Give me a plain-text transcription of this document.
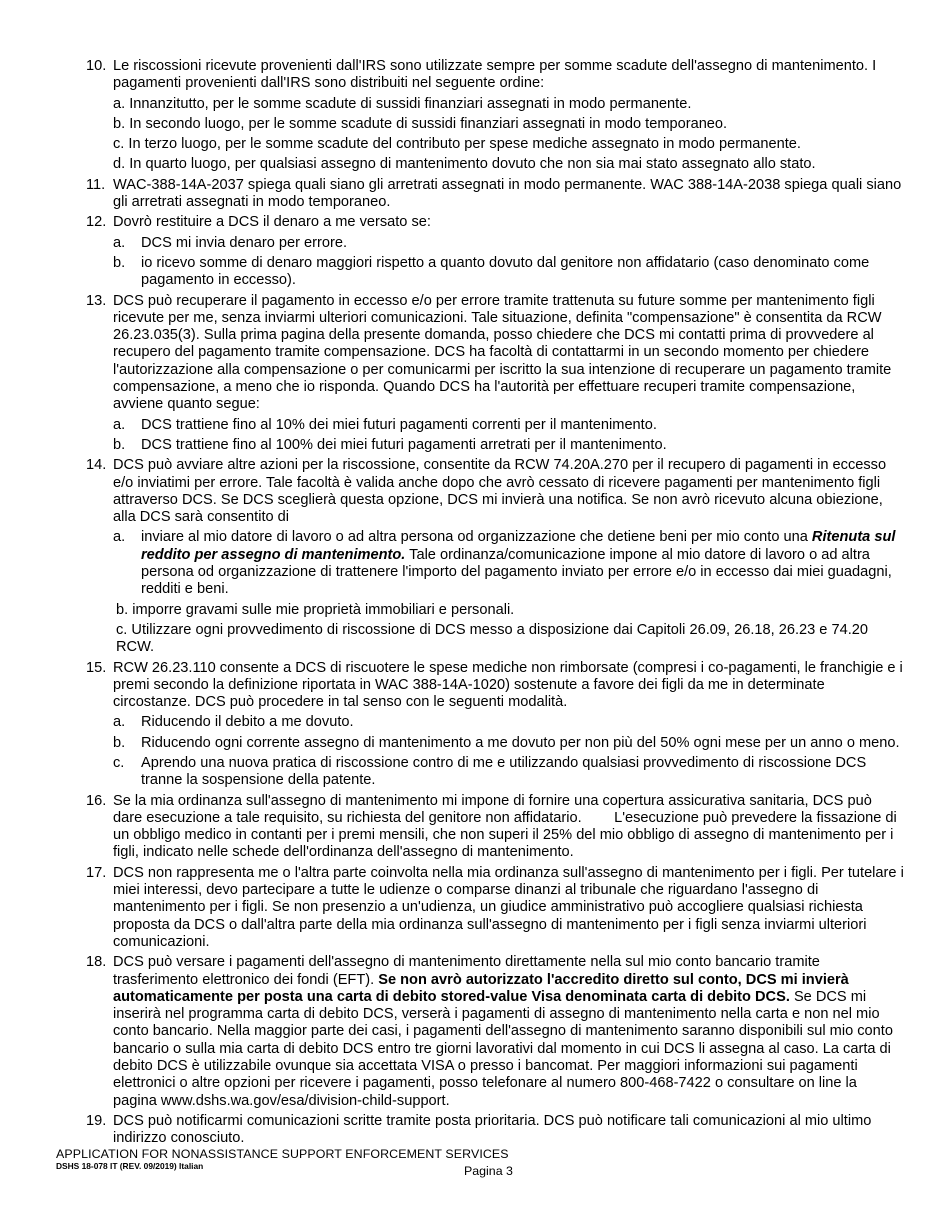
10. Le riscossioni ricevute provenienti dall'IRS sono utilizzate sempre per somme scadute dell'assegno di mantenimento. I pagamenti provenienti dall'IRS sono distribuiti nel seguente ordine:
a. Innanzitutto, per le somme scadute di sussidi finanziari assegnati in modo permanente.
b. In secondo luogo, per le somme scadute di sussidi finanziari assegnati in modo temporaneo.
c. In terzo luogo, per le somme scadute del contributo per spese mediche assegnato in modo permanente.
d. In quarto luogo, per qualsiasi assegno di mantenimento dovuto che non sia mai stato assegnato allo stato.
11. WAC-388-14A-2037 spiega quali siano gli arretrati assegnati in modo permanente. WAC 388-14A-2038 spiega quali siano gli arretrati assegnati in modo temporaneo.
12. Dovrò restituire a DCS il denaro a me versato se:
a. DCS mi invia denaro per errore.
b. io ricevo somme di denaro maggiori rispetto a quanto dovuto dal genitore non affidatario (caso denominato come pagamento in eccesso).
13. DCS può recuperare il pagamento in eccesso e/o per errore tramite trattenuta su future somme per mantenimento figli ricevute per me, senza inviarmi ulteriori comunicazioni. Tale situazione, definita "compensazione" è consentita da RCW 26.23.035(3). Sulla prima pagina della presente domanda, posso chiedere che DCS mi contatti prima di provvedere al recupero del pagamento tramite compensazione. DCS ha facoltà di contattarmi in un secondo momento per chiedere l'autorizzazione alla compensazione o per comunicarmi per iscritto la sua intenzione di recuperare un pagamento tramite compensazione, a meno che io risponda. Quando DCS ha l'autorità per effettuare recuperi tramite compensazione, avviene quanto segue:
a. DCS trattiene fino al 10% dei miei futuri pagamenti correnti per il mantenimento.
b. DCS trattiene fino al 100% dei miei futuri pagamenti arretrati per il mantenimento.
14. DCS può avviare altre azioni per la riscossione, consentite da RCW 74.20A.270 per il recupero di pagamenti in eccesso e/o inviatimi per errore. Tale facoltà è valida anche dopo che avrò cessato di ricevere pagamenti per mantenimento figli attraverso DCS. Se DCS sceglierà questa opzione, DCS mi invierà una notifica. Se non avrò ricevuto alcuna obiezione, alla DCS sarà consentito di
a. inviare al mio datore di lavoro o ad altra persona od organizzazione che detiene beni per mio conto una Ritenuta sul reddito per assegno di mantenimento. Tale ordinanza/comunicazione impone al mio datore di lavoro o ad altra persona od organizzazione di trattenere l'importo del pagamento inviato per errore e/o in eccesso dai miei guadagni, redditi e beni.
b. imporre gravami sulle mie proprietà immobiliari e personali.
c. Utilizzare ogni provvedimento di riscossione di DCS messo a disposizione dai Capitoli 26.09, 26.18, 26.23 e 74.20 RCW.
15. RCW 26.23.110 consente a DCS di riscuotere le spese mediche non rimborsate (compresi i co-pagamenti, le franchigie e i premi secondo la definizione riportata in WAC 388-14A-1020) sostenute a favore dei figli da me in determinate circostanze. DCS può procedere in tal senso con le seguenti modalità.
a. Riducendo il debito a me dovuto.
b. Riducendo ogni corrente assegno di mantenimento a me dovuto per non più del 50% ogni mese per un anno o meno.
c. Aprendo una nuova pratica di riscossione contro di me e utilizzando qualsiasi provvedimento di riscossione DCS tranne la sospensione della patente.
16. Se la mia ordinanza sull'assegno di mantenimento mi impone di fornire una copertura assicurativa sanitaria, DCS può dare esecuzione a tale requisito, su richiesta del genitore non affidatario.        L'esecuzione può prevedere la fissazione di un obbligo medico in contanti per i premi mensili, che non superi il 25% del mio obbligo di assegno di mantenimento per i figli, indicato nelle schede dell'ordinanza dell'assegno di mantenimento.
17. DCS non rappresenta me o l'altra parte coinvolta nella mia ordinanza sull'assegno di mantenimento per i figli. Per tutelare i miei interessi, devo partecipare a tutte le udienze o comparse dinanzi al tribunale che riguardano l'assegno di mantenimento per i figli. Se non presenzio a un'udienza, un giudice amministrativo può accogliere qualsiasi richiesta proposta da DCS o dall'altra parte della mia ordinanza sull'assegno di mantenimento per i figli senza inviarmi ulteriori comunicazioni.
18. DCS può versare i pagamenti dell'assegno di mantenimento direttamente nella sul mio conto bancario tramite trasferimento elettronico dei fondi (EFT). Se non avrò autorizzato l'accredito diretto sul conto, DCS mi invierà automaticamente per posta una carta di debito stored-value Visa denominata carta di debito DCS. Se DCS mi inserirà nel programma carta di debito DCS, verserà i pagamenti di assegno di mantenimento nella carta e non nel mio conto bancario. Nella maggior parte dei casi, i pagamenti dell'assegno di mantenimento saranno disponibili sul mio conto bancario o sulla mia carta di debito DCS entro tre giorni lavorativi dal momento in cui DCS li assegna al caso. La carta di debito DCS è utilizzabile ovunque sia accettata VISA o presso i bancomat. Per maggiori informazioni sui pagamenti elettronici o altre opzioni per ricevere i pagamenti, posso telefonare al numero 800-468-7422 o consultare on line la pagina www.dshs.wa.gov/esa/division-child-support.
19. DCS può notificarmi comunicazioni scritte tramite posta prioritaria. DCS può notificare tali comunicazioni al mio ultimo indirizzo conosciuto.
APPLICATION FOR NONASSISTANCE SUPPORT ENFORCEMENT SERVICES
DSHS 18-078 IT (REV. 09/2019) Italian	Pagina 3
